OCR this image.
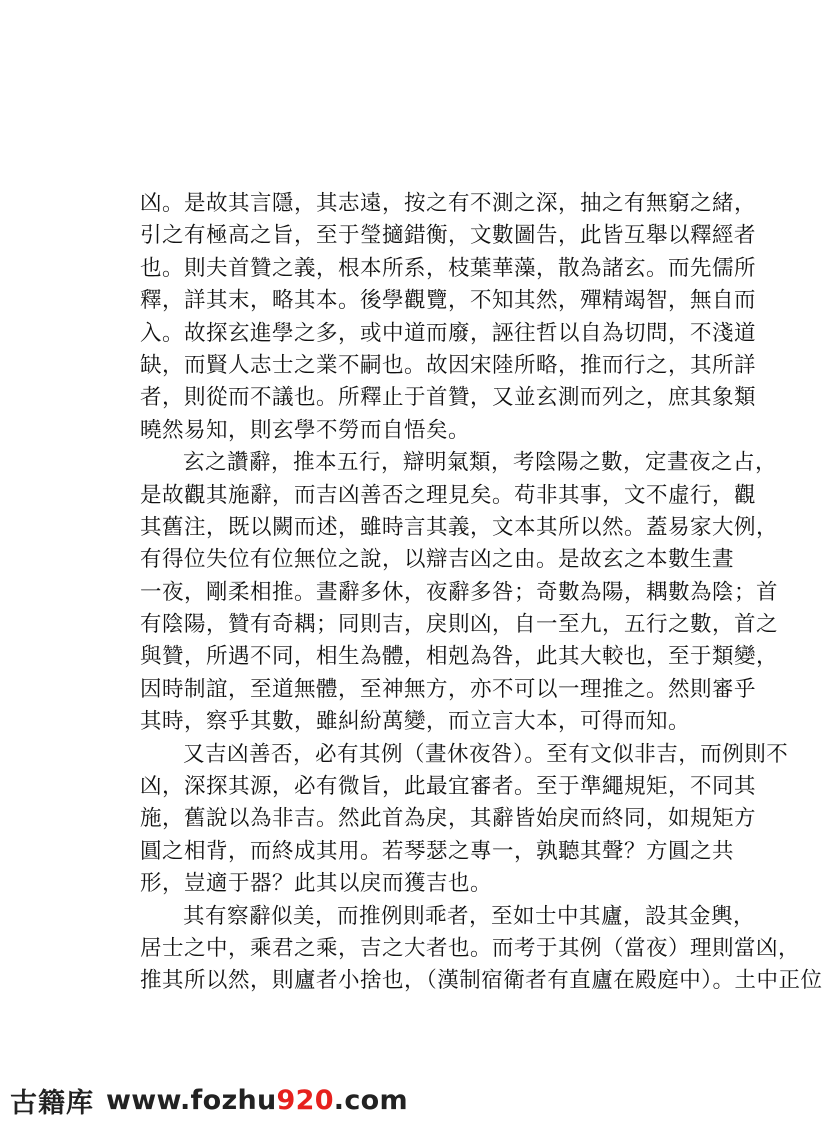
凶。是故其言隱，其志遠，按之有不測之深，抽之有無窮之緒，
引之有極高之旨，至于瑩擿錯衡，文數圖告，此皆互舉以釋經者
也。則夫首贊之義，根本所系，枝葉華藻，散為諸玄。而先儒所
釋，詳其末，略其本。後學觀覽，不知其然，殫精竭智，無自而
入。故探玄進學之多，或中道而廢，誣往哲以自為切問，不淺道
缺，而賢人志士之業不嗣也。故因宋陸所略，推而行之，其所詳
者，則從而不議也。所釋止于首贊，又並玄測而列之，庶其象類
曉然易知，則玄學不勞而自悟矣。
玄之讚辭，推本五行，辯明氣類，考陰陽之數，定晝夜之占，
是故觀其施辭，而吉凶善否之理見矣。苟非其事，文不虛行，觀
其舊注，既以闕而述，雖時言其義，文本其所以然。蓋易家大例，
有得位失位有位無位之說，以辯吉凶之由。是故玄之本數生晝
一夜，剛柔相推。晝辭多休，夜辭多咎；奇數為陽，耦數為陰；首
有陰陽，贊有奇耦；同則吉，戾則凶，自一至九，五行之數，首之
與贊，所遇不同，相生為體，相剋為咎，此其大較也，至于類變，
因時制誼，至道無體，至神無方，亦不可以一理推之。然則審乎
其時，察乎其數，雖糾紛萬變，而立言大本，可得而知。
又吉凶善否，必有其例（晝休夜咎）。至有文似非吉，而例則不
凶，深探其源，必有微旨，此最宜審者。至于準繩規矩，不同其
施，舊說以為非吉。然此首為戾，其辭皆始戾而終同，如規矩方
圓之相背，而終成其用。若琴瑟之專一，孰聽其聲？方圓之共
形，豈適于器？此其以戾而獲吉也。
其有察辭似美，而推例則乖者，至如士中其廬，設其金輿，
居士之中，乘君之乘，吉之大者也。而考于其例（當夜）理則當凶，
推其所以然，則廬者小捨也，（漢制宿衛者有直廬在殿庭中）。土中正位
古籍库 www.fozhu920.com
